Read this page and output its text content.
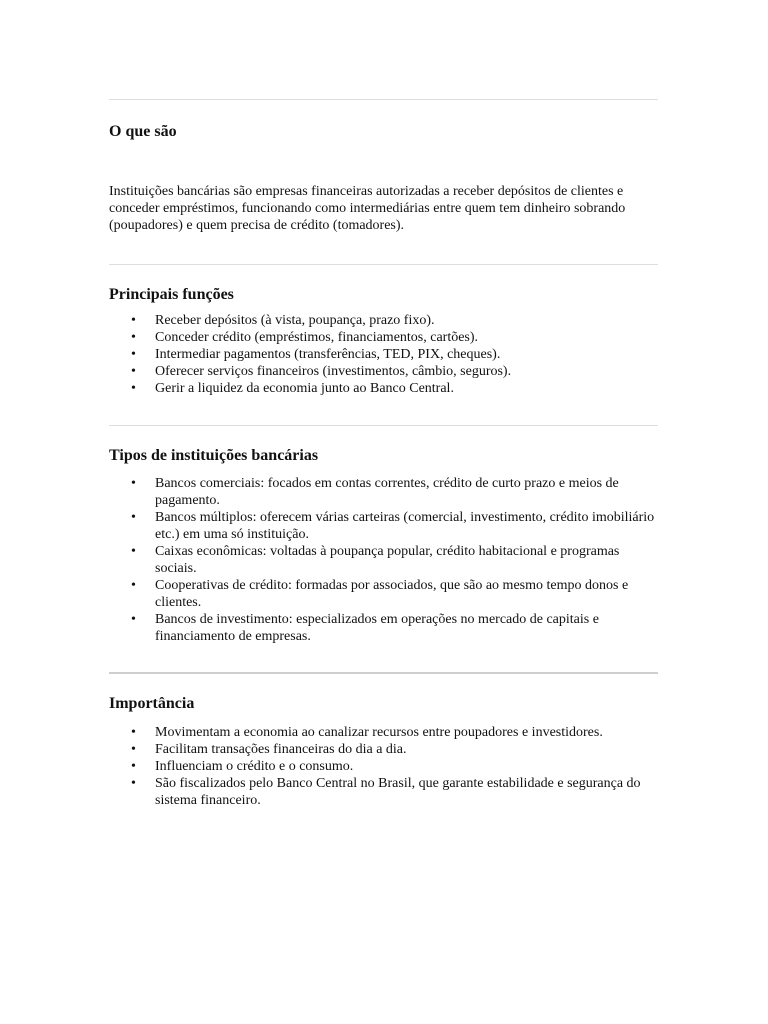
O que são

Instituições bancárias são empresas financeiras autorizadas a receber depósitos de clientes e conceder empréstimos, funcionando como intermediárias entre quem tem dinheiro sobrando (poupadores) e quem precisa de crédito (tomadores).

Principais funções
• Receber depósitos (à vista, poupança, prazo fixo).
• Conceder crédito (empréstimos, financiamentos, cartões).
• Intermediar pagamentos (transferências, TED, PIX, cheques).
• Oferecer serviços financeiros (investimentos, câmbio, seguros).
• Gerir a liquidez da economia junto ao Banco Central.
Tipos de instituições bancárias
• Bancos comerciais: focados em contas correntes, crédito de curto prazo e meios de pagamento.
• Bancos múltiplos: oferecem várias carteiras (comercial, investimento, crédito imobiliário etc.) em uma só instituição.
• Caixas econômicas: voltadas à poupança popular, crédito habitacional e programas sociais.
• Cooperativas de crédito: formadas por associados, que são ao mesmo tempo donos e clientes.
• Bancos de investimento: especializados em operações no mercado de capitais e financiamento de empresas.
Importância
• Movimentam a economia ao canalizar recursos entre poupadores e investidores.
• Facilitam transações financeiras do dia a dia.
• Influenciam o crédito e o consumo.
• São fiscalizados pelo Banco Central no Brasil, que garante estabilidade e segurança do sistema financeiro.
